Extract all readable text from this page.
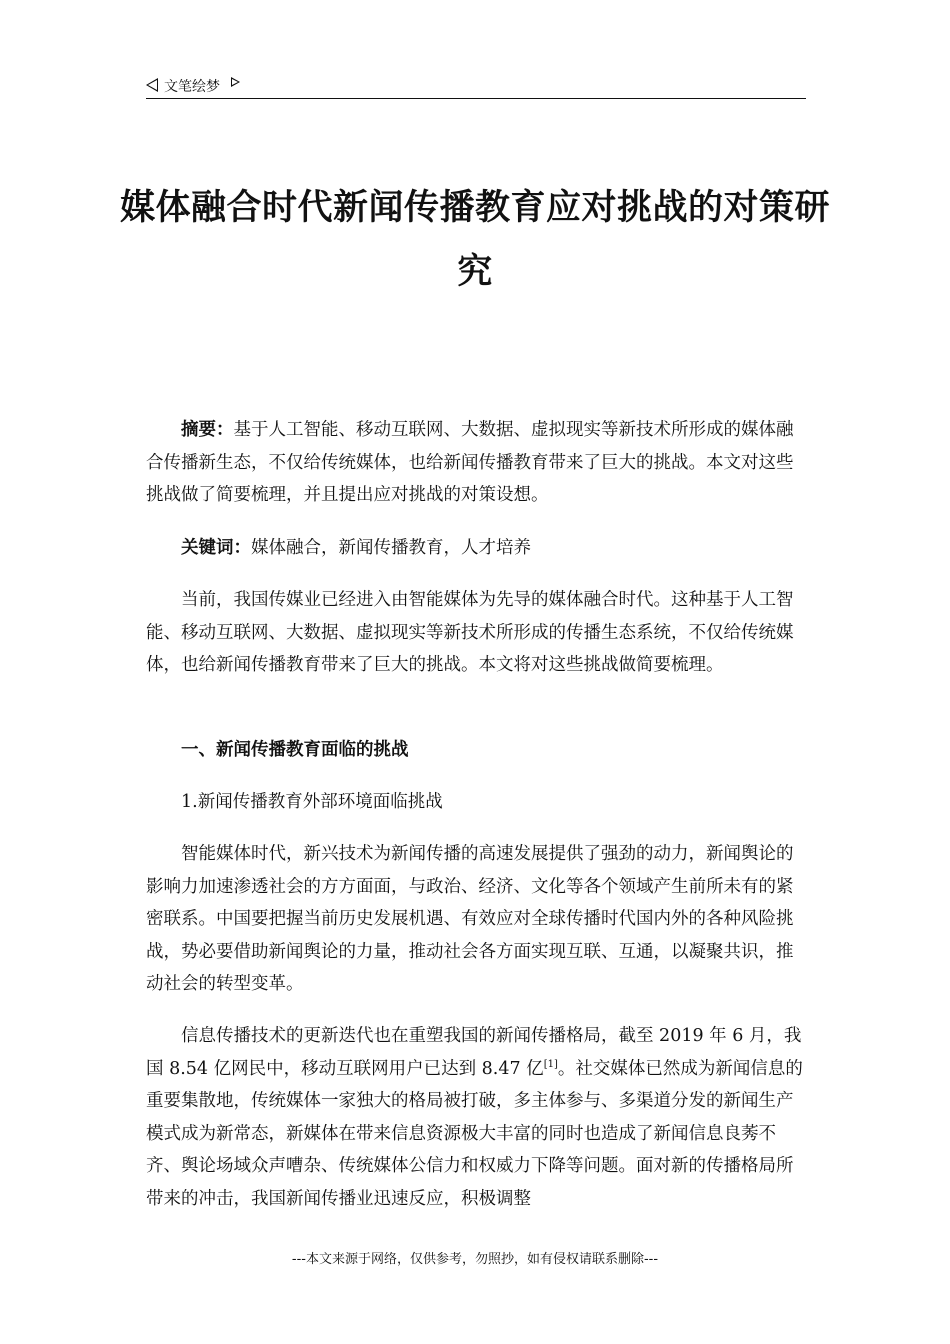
文笔绘梦
媒体融合时代新闻传播教育应对挑战的对策研究

摘要：基于人工智能、移动互联网、大数据、虚拟现实等新技术所形成的媒体融合传播新生态，不仅给传统媒体，也给新闻传播教育带来了巨大的挑战。本文对这些挑战做了简要梳理，并且提出应对挑战的对策设想。

关键词：媒体融合，新闻传播教育，人才培养

当前，我国传媒业已经进入由智能媒体为先导的媒体融合时代。这种基于人工智能、移动互联网、大数据、虚拟现实等新技术所形成的传播生态系统，不仅给传统媒体，也给新闻传播教育带来了巨大的挑战。本文将对这些挑战做简要梳理。

一、新闻传播教育面临的挑战
1.新闻传播教育外部环境面临挑战

智能媒体时代，新兴技术为新闻传播的高速发展提供了强劲的动力，新闻舆论的影响力加速渗透社会的方方面面，与政治、经济、文化等各个领域产生前所未有的紧密联系。中国要把握当前历史发展机遇、有效应对全球传播时代国内外的各种风险挑战，势必要借助新闻舆论的力量，推动社会各方面实现互联、互通，以凝聚共识，推动社会的转型变革。

信息传播技术的更新迭代也在重塑我国的新闻传播格局，截至 2019 年 6 月，我国 8.54 亿网民中，移动互联网用户已达到 8.47 亿[1]。社交媒体已然成为新闻信息的重要集散地，传统媒体一家独大的格局被打破，多主体参与、多渠道分发的新闻生产模式成为新常态，新媒体在带来信息资源极大丰富的同时也造成了新闻信息良莠不齐、舆论场域众声嘈杂、传统媒体公信力和权威力下降等问题。面对新的传播格局所带来的冲击，我国新闻传播业迅速反应，积极调整

---本文来源于网络，仅供参考，勿照抄，如有侵权请联系删除---
